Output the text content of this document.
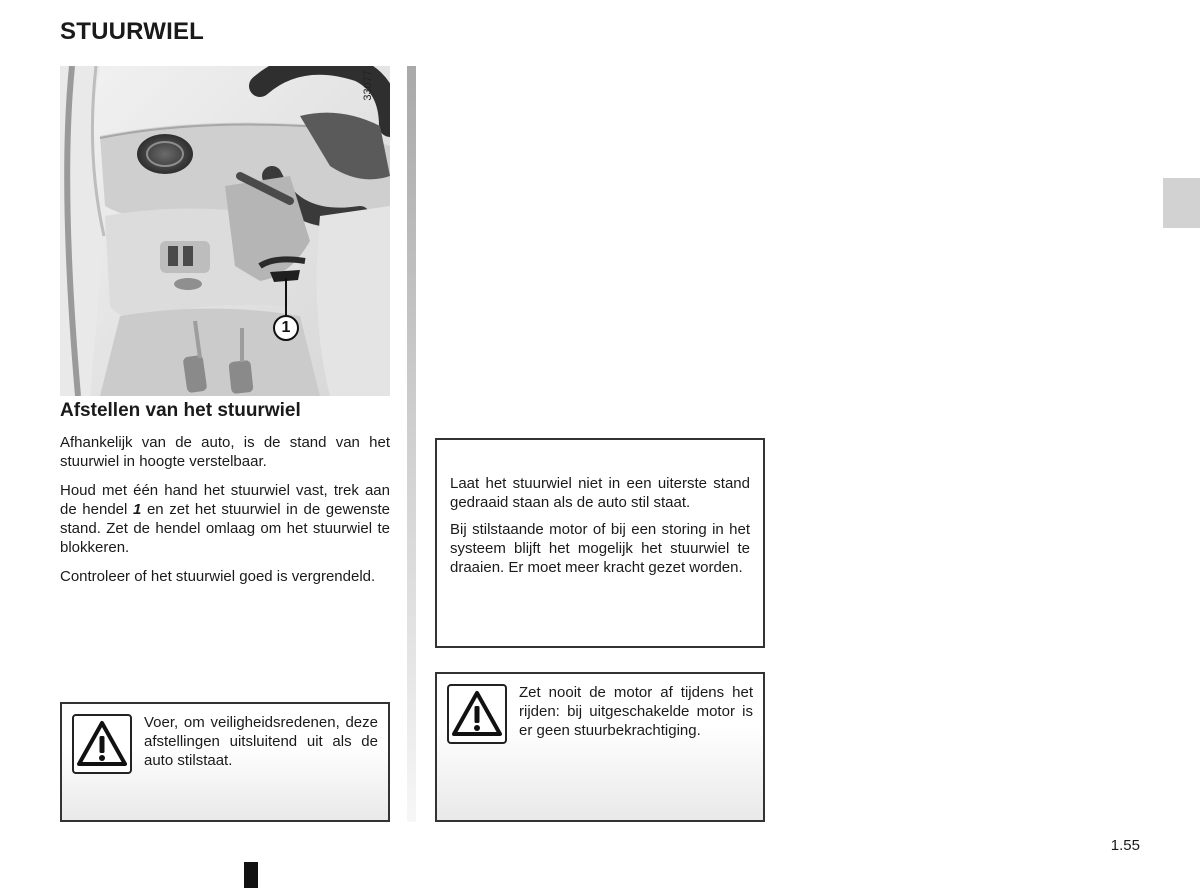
STUURWIEL
1
33077
Afstellen van het stuurwiel

Afhankelijk van de auto, is de stand van het stuurwiel in hoogte verstelbaar.

Houd met één hand het stuurwiel vast, trek aan de hendel 1 en zet het stuurwiel in de gewenste stand. Zet de hendel omlaag om het stuurwiel te blokkeren.

Controleer of het stuurwiel goed is vergrendeld.

Laat het stuurwiel niet in een uiterste stand gedraaid staan als de auto stil staat.

Bij stilstaande motor of bij een storing in het systeem blijft het mogelijk het stuurwiel te draaien. Er moet meer kracht gezet worden.

Voer, om veiligheidsredenen, deze afstellingen uitsluitend uit als de auto stilstaat.
Zet nooit de motor af tijdens het rijden: bij uitgeschakelde motor is er geen stuurbekrachtiging.
1.55
